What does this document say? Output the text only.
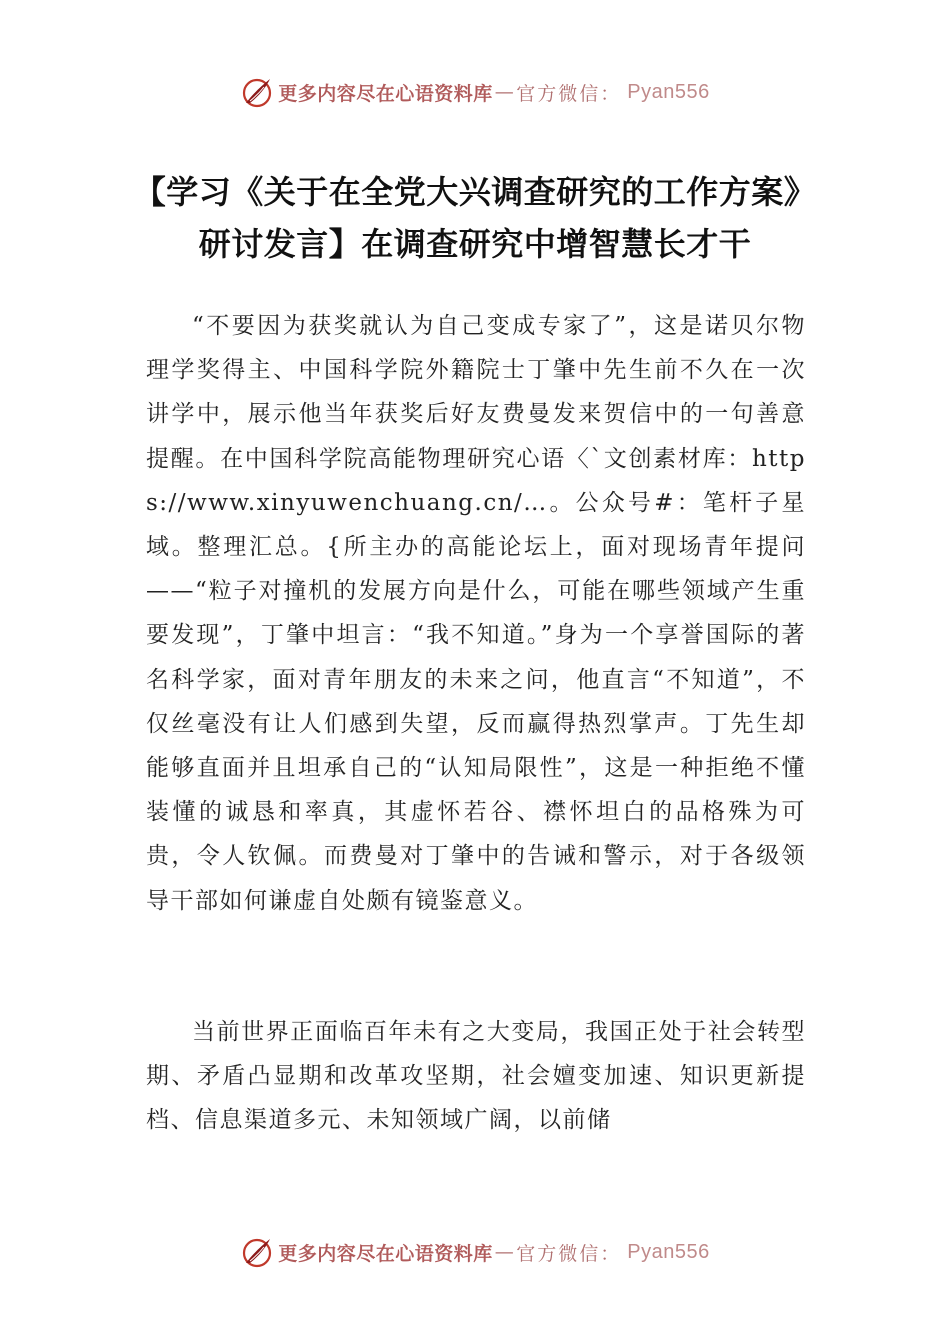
更多内容尽在心语资料库 — 官方微信： Pyan556
【学习《关于在全党大兴调查研究的工作方案》研讨发言】在调查研究中增智慧长才干

“不要因为获奖就认为自己变成专家了”，这是诺贝尔物理学奖得主、中国科学院外籍院士丁肇中先生前不久在一次讲学中，展示他当年获奖后好友费曼发来贺信中的一句善意提醒。在中国科学院高能物理研究心语〈`文创素材库：https://www.xinyuwenchuang.cn/…。公众号#：笔杆子星域。整理汇总。{所主办的高能论坛上，面对现场青年提问——“粒子对撞机的发展方向是什么，可能在哪些领域产生重要发现”，丁肇中坦言：“我不知道。”身为一个享誉国际的著名科学家，面对青年朋友的未来之问，他直言“不知道”，不仅丝毫没有让人们感到失望，反而赢得热烈掌声。丁先生却能够直面并且坦承自己的“认知局限性”，这是一种拒绝不懂装懂的诚恳和率真，其虚怀若谷、襟怀坦白的品格殊为可贵，令人钦佩。而费曼对丁肇中的告诫和警示，对于各级领导干部如何谦虚自处颇有镜鉴意义。

当前世界正面临百年未有之大变局，我国正处于社会转型期、矛盾凸显期和改革攻坚期，社会嬗变加速、知识更新提档、信息渠道多元、未知领域广阔，以前储

更多内容尽在心语资料库 — 官方微信： Pyan556
